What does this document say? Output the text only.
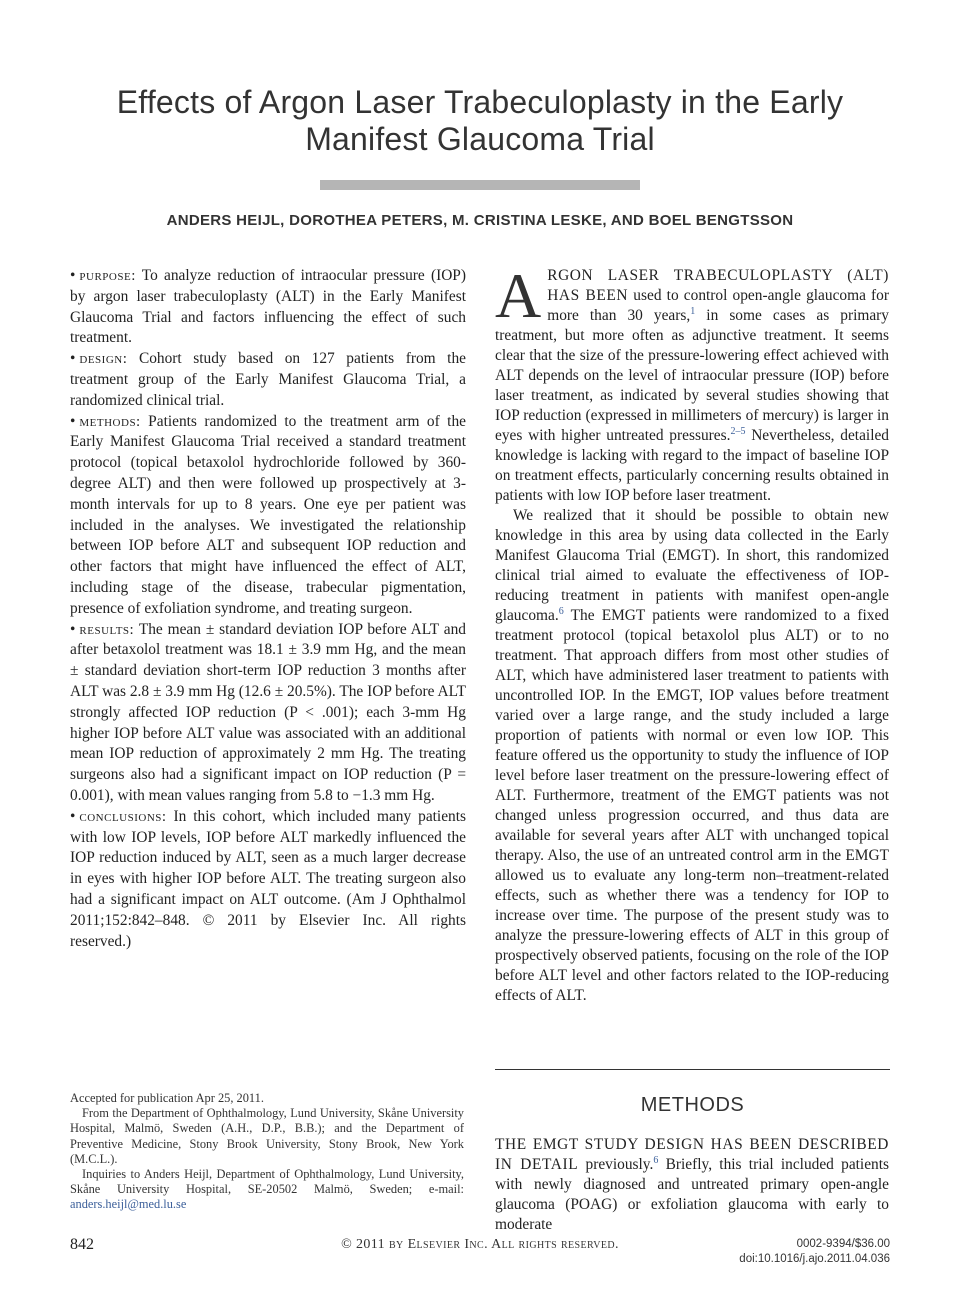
Effects of Argon Laser Trabeculoplasty in the Early Manifest Glaucoma Trial
ANDERS HEIJL, DOROTHEA PETERS, M. CRISTINA LESKE, AND BOEL BENGTSSON

• purpose: To analyze reduction of intraocular pressure (IOP) by argon laser trabeculoplasty (ALT) in the Early Manifest Glaucoma Trial and factors influencing the effect of such treatment.

• design: Cohort study based on 127 patients from the treatment group of the Early Manifest Glaucoma Trial, a randomized clinical trial.

• methods: Patients randomized to the treatment arm of the Early Manifest Glaucoma Trial received a standard treatment protocol (topical betaxolol hydrochloride followed by 360-degree ALT) and then were followed up prospectively at 3-month intervals for up to 8 years. One eye per patient was included in the analyses. We investigated the relationship between IOP before ALT and subsequent IOP reduction and other factors that might have influenced the effect of ALT, including stage of the disease, trabecular pigmentation, presence of exfoliation syndrome, and treating surgeon.

• results: The mean ± standard deviation IOP before ALT and after betaxolol treatment was 18.1 ± 3.9 mm Hg, and the mean ± standard deviation short-term IOP reduction 3 months after ALT was 2.8 ± 3.9 mm Hg (12.6 ± 20.5%). The IOP before ALT strongly affected IOP reduction (P < .001); each 3-mm Hg higher IOP before ALT value was associated with an additional mean IOP reduction of approximately 2 mm Hg. The treating surgeons also had a significant impact on IOP reduction (P = 0.001), with mean values ranging from 5.8 to −1.3 mm Hg.

• conclusions: In this cohort, which included many patients with low IOP levels, IOP before ALT markedly influenced the IOP reduction induced by ALT, seen as a much larger decrease in eyes with higher IOP before ALT. The treating surgeon also had a significant impact on ALT outcome. (Am J Ophthalmol 2011;152:842–848. © 2011 by Elsevier Inc. All rights reserved.)

ARGON LASER TRABECULOPLASTY (ALT) HAS BEEN used to control open-angle glaucoma for more than 30 years,$^1$ in some cases as primary treatment, but more often as adjunctive treatment. It seems clear that the size of the pressure-lowering effect achieved with ALT depends on the level of intraocular pressure (IOP) before laser treatment, as indicated by several studies showing that IOP reduction (expressed in millimeters of mercury) is larger in eyes with higher untreated pressures.$^{2-5}$ Nevertheless, detailed knowledge is lacking with regard to the impact of baseline IOP on treatment effects, particularly concerning results obtained in patients with low IOP before laser treatment.

We realized that it should be possible to obtain new knowledge in this area by using data collected in the Early Manifest Glaucoma Trial (EMGT). In short, this randomized clinical trial aimed to evaluate the effectiveness of IOP-reducing treatment in patients with manifest open-angle glaucoma.$^6$ The EMGT patients were randomized to a fixed treatment protocol (topical betaxolol plus ALT) or to no treatment. That approach differs from most other studies of ALT, which have administered laser treatment to patients with uncontrolled IOP. In the EMGT, IOP values before treatment varied over a large range, and the study included a large proportion of patients with normal or even low IOP. This feature offered us the opportunity to study the influence of IOP level before laser treatment on the pressure-lowering effect of ALT. Furthermore, treatment of the EMGT patients was not changed unless progression occurred, and thus data are available for several years after ALT with unchanged topical therapy. Also, the use of an untreated control arm in the EMGT allowed us to evaluate any long-term non–treatment-related effects, such as whether there was a tendency for IOP to increase over time. The purpose of the present study was to analyze the pressure-lowering effects of ALT in this group of prospectively observed patients, focusing on the role of the IOP before ALT level and other factors related to the IOP-reducing effects of ALT.

METHODS

THE EMGT STUDY DESIGN HAS BEEN DESCRIBED IN DETAIL previously.$^6$ Briefly, this trial included patients with newly diagnosed and untreated primary open-angle glaucoma (POAG) or exfoliation glaucoma with early to moderate

Accepted for publication Apr 25, 2011.

From the Department of Ophthalmology, Lund University, Skåne University Hospital, Malmö, Sweden (A.H., D.P., B.B.); and the Department of Preventive Medicine, Stony Brook University, Stony Brook, New York (M.C.L.).

Inquiries to Anders Heijl, Department of Ophthalmology, Lund University, Skåne University Hospital, SE-20502 Malmö, Sweden; e-mail: anders.heijl@med.lu.se

842	© 2011 by Elsevier Inc. All rights reserved.	0002-9394/$36.00
doi:10.1016/j.ajo.2011.04.036
